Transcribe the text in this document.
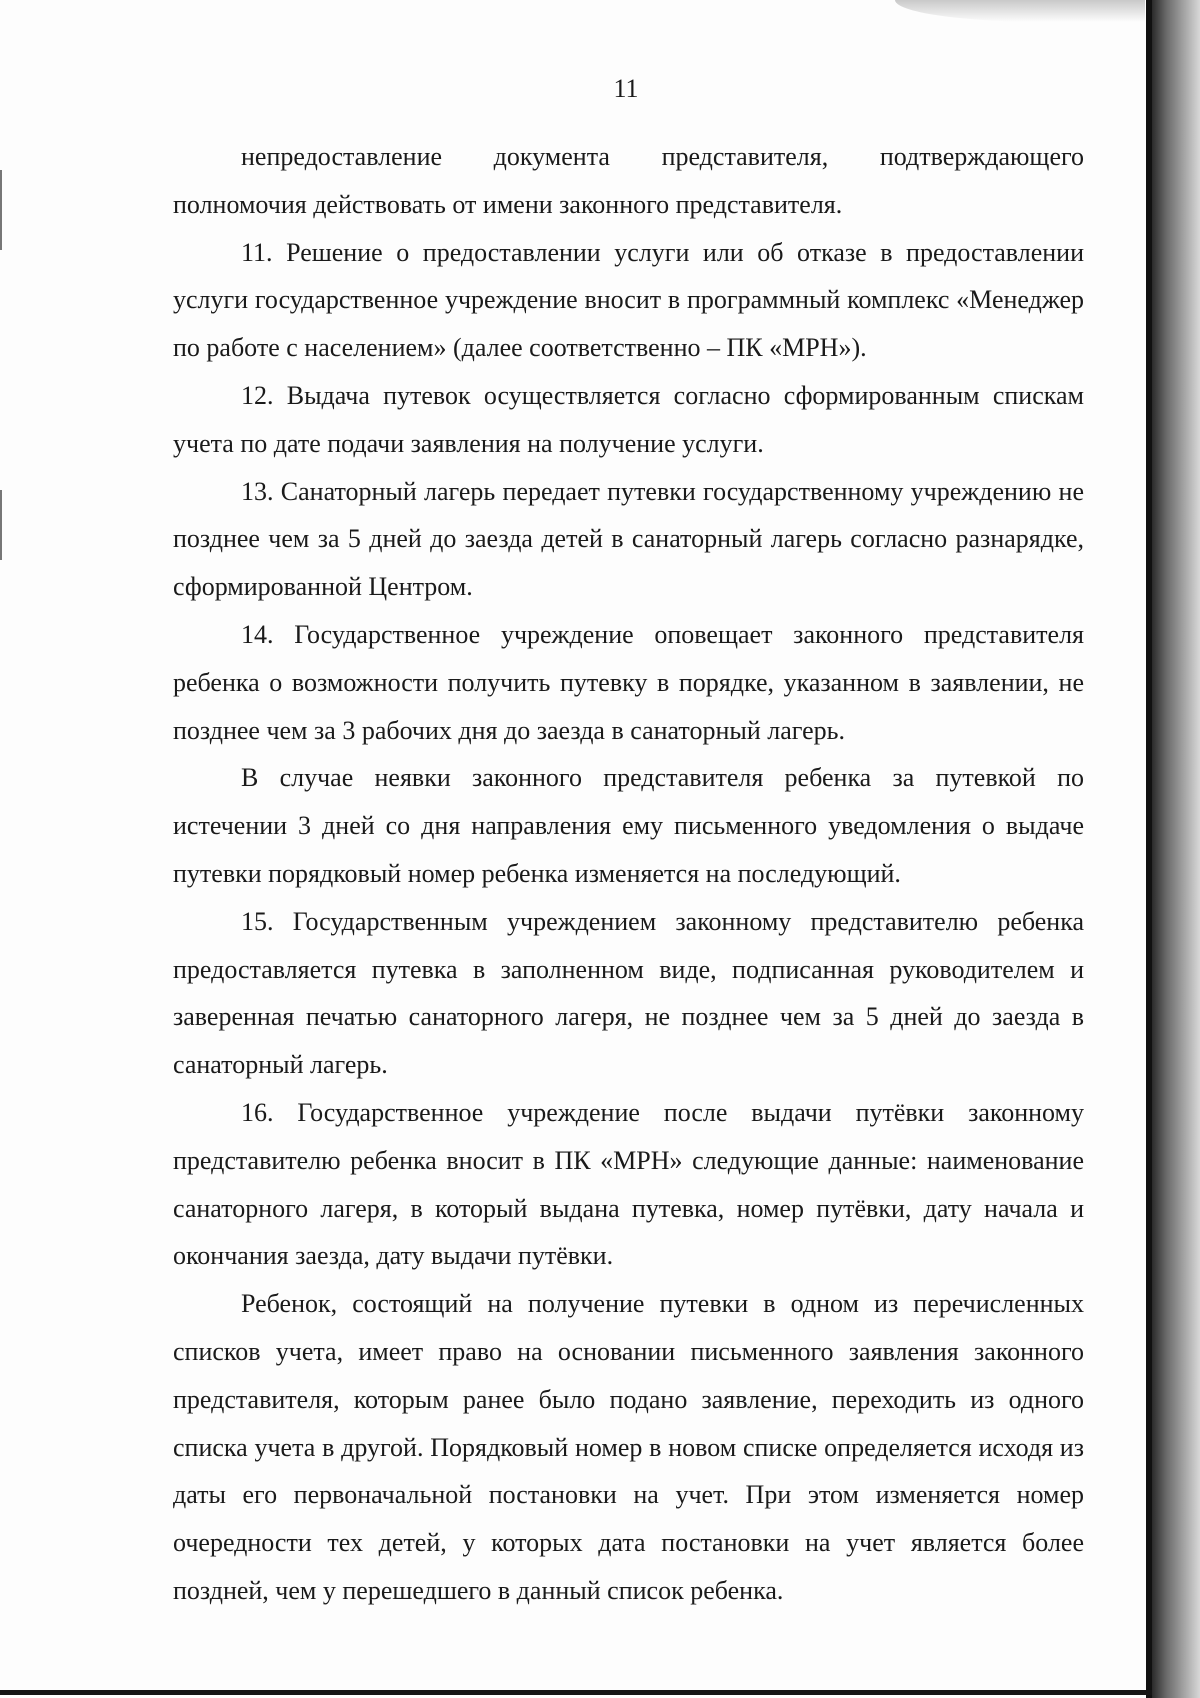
11

непредоставление документа представителя, подтверждающего полномочия действовать от имени законного представителя.

11. Решение о предоставлении услуги или об отказе в предоставлении услуги государственное учреждение вносит в программный комплекс «Менеджер по работе с населением» (далее соответственно – ПК «МРН»).

12. Выдача путевок осуществляется согласно сформированным спискам учета по дате подачи заявления на получение услуги.

13. Санаторный лагерь передает путевки государственному учреждению не позднее чем за 5 дней до заезда детей в санаторный лагерь согласно разнарядке, сформированной Центром.

14. Государственное учреждение оповещает законного представителя ребенка о возможности получить путевку в порядке, указанном в заявлении, не позднее чем за 3 рабочих дня до заезда в санаторный лагерь.

В случае неявки законного представителя ребенка за путевкой по истечении 3 дней со дня направления ему письменного уведомления о выдаче путевки порядковый номер ребенка изменяется на последующий.

15. Государственным учреждением законному представителю ребенка предоставляется путевка в заполненном виде, подписанная руководителем и заверенная печатью санаторного лагеря, не позднее чем за 5 дней до заезда в санаторный лагерь.

16. Государственное учреждение после выдачи путёвки законному представителю ребенка вносит в ПК «МРН» следующие данные: наименование санаторного лагеря, в который выдана путевка, номер путёвки, дату начала и окончания заезда, дату выдачи путёвки.

Ребенок, состоящий на получение путевки в одном из перечисленных списков учета, имеет право на основании письменного заявления законного представителя, которым ранее было подано заявление, переходить из одного списка учета в другой. Порядковый номер в новом списке определяется исходя из даты его первоначальной постановки на учет. При этом изменяется номер очередности тех детей, у которых дата постановки на учет является более поздней, чем у перешедшего в данный список ребенка.
